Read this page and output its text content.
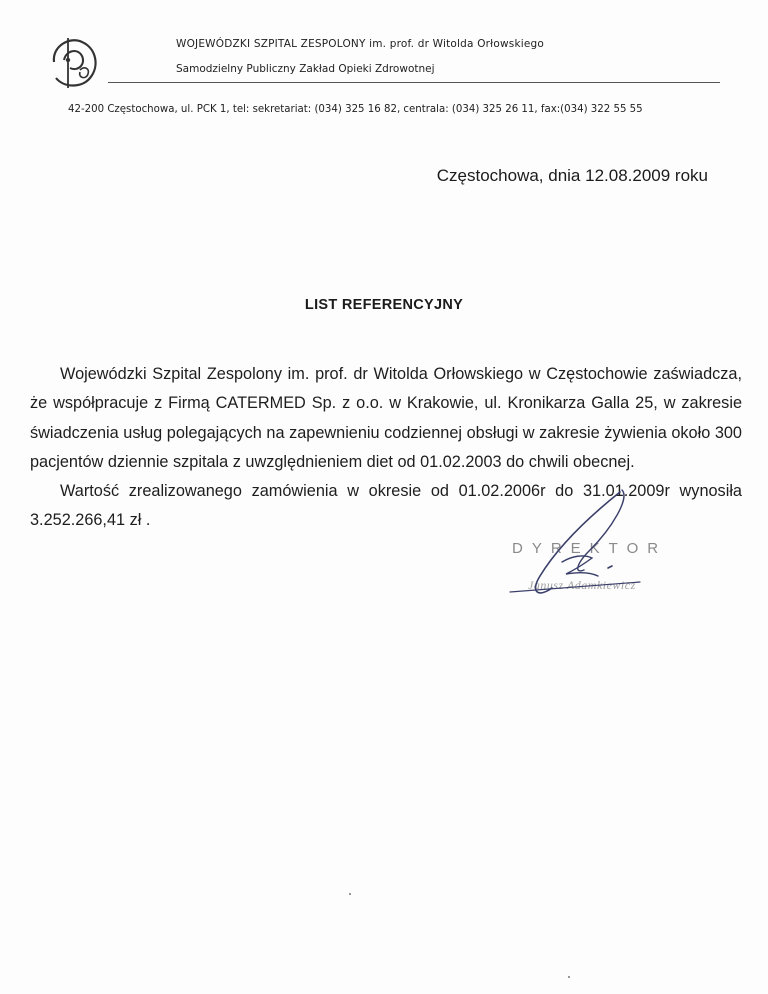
WOJEWÓDZKI SZPITAL ZESPOLONY im. prof. dr Witolda Orłowskiego
Samodzielny Publiczny Zakład Opieki Zdrowotnej
42-200 Częstochowa, ul. PCK 1, tel: sekretariat: (034) 325 16 82, centrala: (034) 325 26 11, fax:(034) 322 55 55
Częstochowa, dnia 12.08.2009 roku
LIST REFERENCYJNY

Wojewódzki Szpital Zespolony im. prof. dr Witolda Orłowskiego w Częstochowie zaświadcza, że współpracuje z Firmą CATERMED Sp. z o.o. w Krakowie, ul. Kronikarza Galla 25, w zakresie świadczenia usług polegających na zapewnieniu codziennej obsługi w zakresie żywienia około 300 pacjentów dziennie szpitala z uwzględnieniem diet od 01.02.2003 do chwili obecnej.

Wartość zrealizowanego zamówienia w okresie od 01.02.2006r do 31.01.2009r wynosiła 3.252.266,41 zł .

DYREKTOR
Janusz Adamkiewicz
